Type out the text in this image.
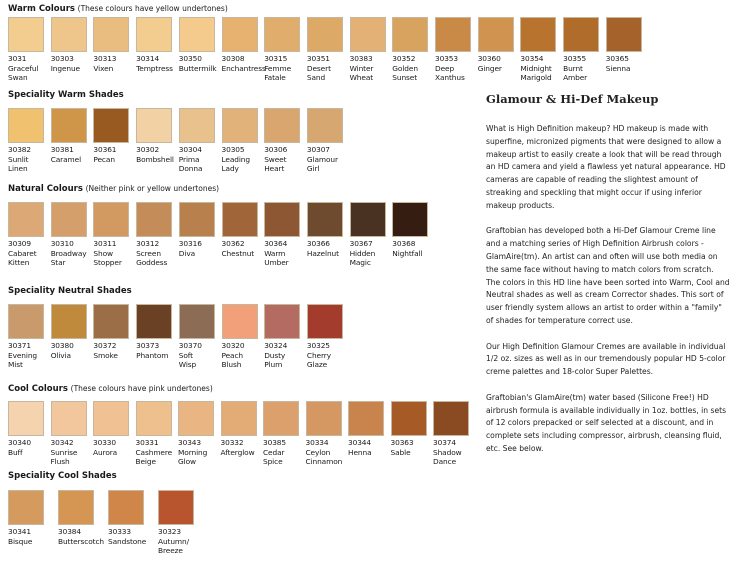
Warm Colours (These colours have yellow undertones)
Speciality Warm Shades
Natural Colours (Neither pink or yellow undertones)
Speciality Neutral Shades
Cool Colours (These colours have pink undertones)
Speciality Cool Shades
Glamour & Hi-Def Makeup

What is High Definition makeup? HD makeup is made with superfine, micronized pigments that were designed to allow a makeup artist to easily create a look that will be read through an HD camera and yield a flawless yet natural appearance. HD cameras are capable of reading the slightest amount of streaking and speckling that might occur if using inferior makeup products.

Graftobian has developed both a Hi-Def Glamour Creme line and a matching series of High Definition Airbrush colors - GlamAire(tm). An artist can and often will use both media on the same face without having to match colors from scratch. The colors in this HD line have been sorted into Warm, Cool and Neutral shades as well as cream Corrector shades. This sort of user friendly system allows an artist to order within a "family" of shades for temperature correct use.

Our High Definition Glamour Cremes are available in individual 1/2 oz. sizes as well as in our tremendously popular HD 5-color creme palettes and 18-color Super Palettes.

Graftobian's GlamAire(tm) water based (Silicone Free!) HD airbrush formula is available individually in 1oz. bottles, in sets of 12 colors prepacked or self selected at a discount, and in complete sets including compressor, airbrush, cleansing fluid, etc. See below.

3031
Graceful
Swan
30303
Ingenue
30313
Vixen
30314
Temptress
30350
Buttermilk
30308
Enchantress
30315
Femme
Fatale
30351
Desert
Sand
30383
Winter
Wheat
30352
Golden
Sunset
30353
Deep
Xanthus
30360
Ginger
30354
Midnight
Marigold
30355
Burnt
Amber
30365
Sienna
30382
Sunlit
Linen
30381
Caramel
30361
Pecan
30302
Bombshell
30304
Prima
Donna
30305
Leading
Lady
30306
Sweet
Heart
30307
Glamour
Girl
30309
Cabaret
Kitten
30310
Broadway
Star
30311
Show
Stopper
30312
Screen
Goddess
30316
Diva
30362
Chestnut
30364
Warm
Umber
30366
Hazelnut
30367
Hidden
Magic
30368
Nightfall
30371
Evening
Mist
30380
Olivia
30372
Smoke
30373
Phantom
30370
Soft
Wisp
30320
Peach
Blush
30324
Dusty
Plum
30325
Cherry
Glaze
30340
Buff
30342
Sunrise
Flush
30330
Aurora
30331
Cashmere
Beige
30343
Morning
Glow
30332
Afterglow
30385
Cedar
Spice
30334
Ceylon
Cinnamon
30344
Henna
30363
Sable
30374
Shadow
Dance
30341
Bisque
30384
Butterscotch
30333
Sandstone
30323
Autumn/ Breeze
